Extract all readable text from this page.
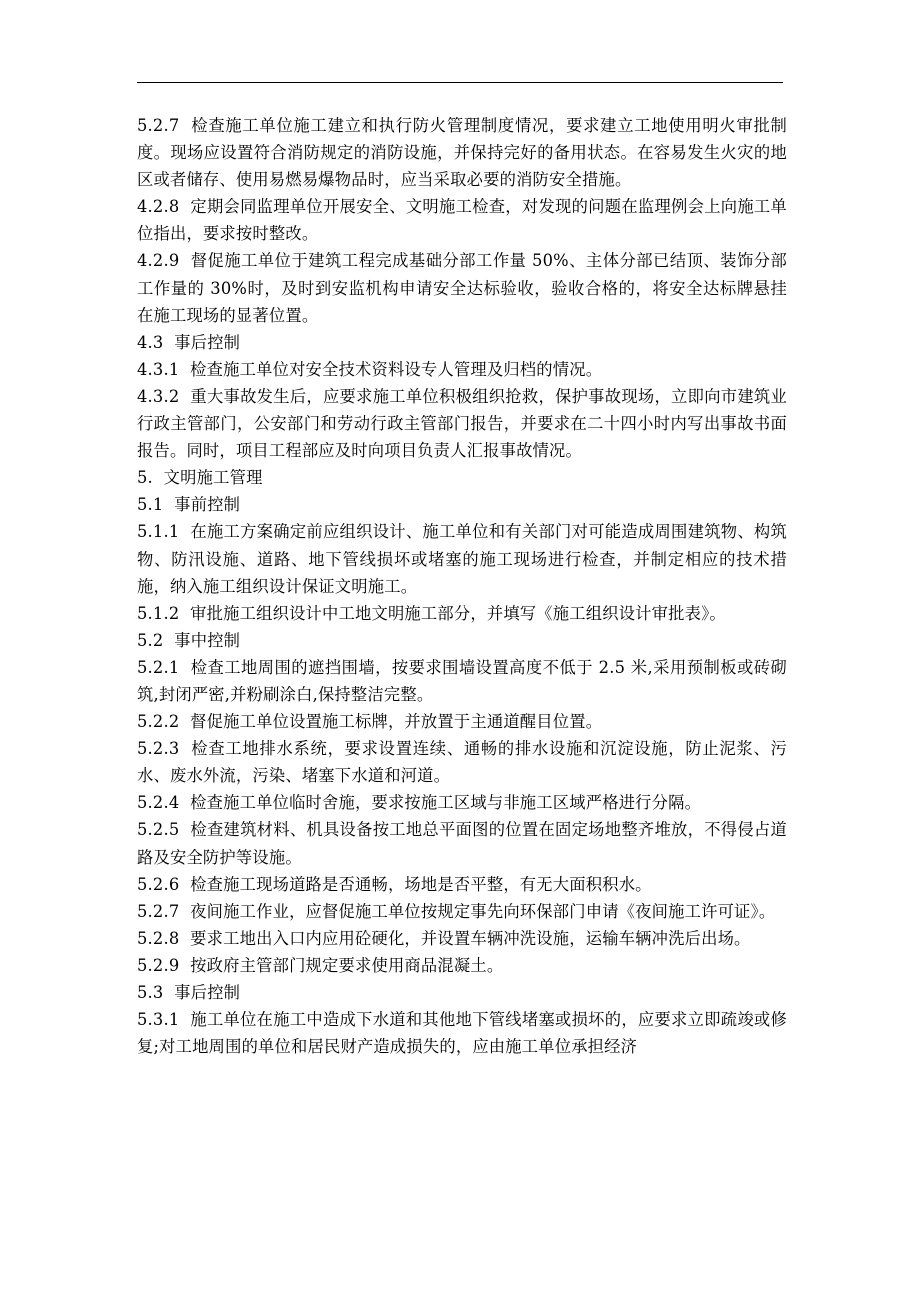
5.2.7  检查施工单位施工建立和执行防火管理制度情况，要求建立工地使用明火审批制度。现场应设置符合消防规定的消防设施，并保持完好的备用状态。在容易发生火灾的地区或者储存、使用易燃易爆物品时，应当采取必要的消防安全措施。

4.2.8  定期会同监理单位开展安全、文明施工检查，对发现的问题在监理例会上向施工单位指出，要求按时整改。

4.2.9  督促施工单位于建筑工程完成基础分部工作量 50%、主体分部已结顶、装饰分部工作量的 30%时，及时到安监机构申请安全达标验收，验收合格的，将安全达标牌悬挂在施工现场的显著位置。

4.3  事后控制

4.3.1  检查施工单位对安全技术资料设专人管理及归档的情况。

4.3.2  重大事故发生后，应要求施工单位积极组织抢救，保护事故现场，立即向市建筑业行政主管部门，公安部门和劳动行政主管部门报告，并要求在二十四小时内写出事故书面报告。同时，项目工程部应及时向项目负责人汇报事故情况。

5.  文明施工管理

5.1  事前控制

5.1.1  在施工方案确定前应组织设计、施工单位和有关部门对可能造成周围建筑物、构筑物、防汛设施、道路、地下管线损坏或堵塞的施工现场进行检查，并制定相应的技术措施，纳入施工组织设计保证文明施工。

5.1.2  审批施工组织设计中工地文明施工部分，并填写《施工组织设计审批表》。

5.2  事中控制

5.2.1  检查工地周围的遮挡围墙，按要求围墙设置高度不低于 2.5 米,采用预制板或砖砌筑,封闭严密,并粉刷涂白,保持整洁完整。

5.2.2  督促施工单位设置施工标牌，并放置于主通道醒目位置。

5.2.3  检查工地排水系统，要求设置连续、通畅的排水设施和沉淀设施，防止泥浆、污水、废水外流，污染、堵塞下水道和河道。

5.2.4  检查施工单位临时舍施，要求按施工区域与非施工区域严格进行分隔。

5.2.5  检查建筑材料、机具设备按工地总平面图的位置在固定场地整齐堆放，不得侵占道路及安全防护等设施。

5.2.6  检查施工现场道路是否通畅，场地是否平整，有无大面积积水。

5.2.7  夜间施工作业，应督促施工单位按规定事先向环保部门申请《夜间施工许可证》。

5.2.8  要求工地出入口内应用砼硬化，并设置车辆冲洗设施，运输车辆冲洗后出场。

5.2.9  按政府主管部门规定要求使用商品混凝土。

5.3  事后控制

5.3.1  施工单位在施工中造成下水道和其他地下管线堵塞或损坏的，应要求立即疏竣或修复;对工地周围的单位和居民财产造成损失的，应由施工单位承担经济
